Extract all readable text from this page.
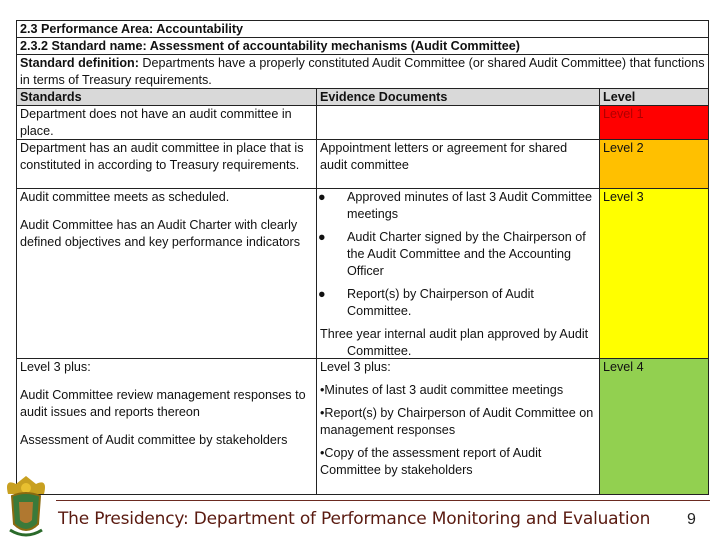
2.3 Performance Area: Accountability
2.3.2 Standard name: Assessment of accountability mechanisms (Audit Committee)
Standard definition: Departments have a properly constituted Audit Committee (or shared Audit Committee) that functions in terms of Treasury requirements.
Standards	Evidence Documents	Level
Department does not have an audit committee in place.
Level 1
Department has an audit committee in place that is constituted in according to Treasury requirements.
Appointment letters or agreement for shared audit committee
Level 2

Audit committee meets as scheduled.

Audit Committee has an Audit Charter with clearly defined objectives and key performance indicators

● Approved minutes of last 3 Audit Committee meetings
● Audit Charter signed by the Chairperson of the Audit Committee and the Accounting Officer
● Report(s) by Chairperson of Audit Committee.

Three year internal audit plan approved by Audit Committee.

Level 3

Level 3 plus:

Audit Committee review management responses to audit issues and reports thereon

Assessment of Audit committee by stakeholders

Level 3 plus:

•Minutes of last 3 audit committee meetings

•Report(s) by Chairperson of Audit Committee on management responses

•Copy of the assessment report of Audit Committee by stakeholders

Level 4
The Presidency: Department of Performance Monitoring and Evaluation 9
